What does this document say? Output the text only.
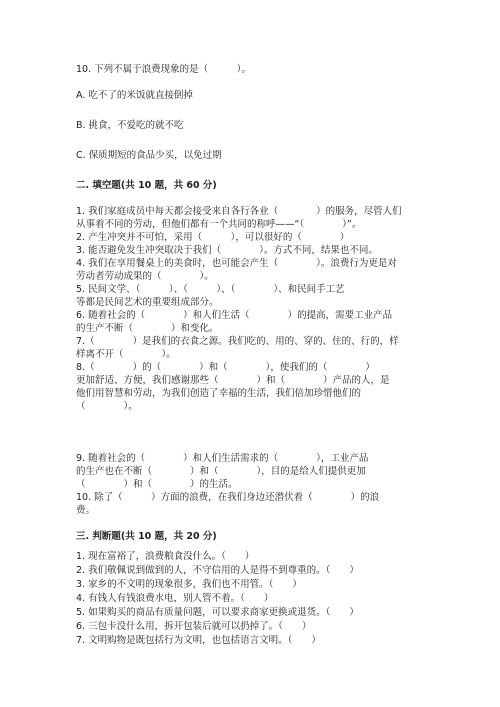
10. 下列不属于浪费现象的是（　　　）。
A. 吃不了的米饭就直接倒掉
B. 挑食，不爱吃的就不吃
C. 保质期短的食品少买，以免过期
二. 填空题(共 10 题，共 60 分)
1. 我们家庭成员中每天都会接受来自各行各业（　　　　）的服务，尽管人们
从事着不同的劳动，但他们都有一个共同的称呼——“（　　　　）”。
2. 产生冲突并不可怕，采用（　　　），可以很好的（　　　　）
3. 能否避免发生冲突取决于我们（　　　　）。方式不同，结果也不同。
4. 我们在享用餐桌上的美食时，也可能会产生（　　　　）。浪费行为更是对
劳动者劳动成果的（　　　　）。
5. 民间文学、（　　　）、（　　　）、（　　　　）、和民间手工艺
等都是民间艺术的重要组成部分。
6. 随着社会的（　　　　）和人们生活（　　　　）的提高，需要工业产品
的生产不断（　　　　）和变化。
7.（　　　　）是我们的衣食之源。我们吃的、用的、穿的、住的、行的，样
样离不开（　　　　）。
8.（　　　　）的（　　　　）和（　　　　），使我们的（　　　　）
更加舒适、方便，我们感谢那些（　　　　）和（　　　　）产品的人，是
他们用智慧和劳动，为我们创造了幸福的生活，我们倍加珍惜他们的
（　　　　）。
9. 随着社会的（　　　　）和人们生活需求的（　　　　），工业产品
的生产也在不断（　　　　）和（　　　　），目的是给人们提供更加
（　　　　）和（　　　　）的生活。
10. 除了（　　　）方面的浪费，在我们身边还潜伏着（　　　　）的浪
费。
三. 判断题(共 10 题，共 20 分)
1. 现在富裕了，浪费粮食没什么。（　　）
2. 我们敬佩说到做到的人，不守信用的人是得不到尊重的。（　　）
3. 家乡的不文明的现象很多，我们也不用管。（　　）
4. 有钱人有钱浪费水电，别人管不着。（　　）
5. 如果购买的商品有质量问题，可以要求商家更换或退货。（　　）
6. 三包卡没什么用，拆开包装后就可以扔掉了。（　　）
7. 文明购物是既包括行为文明，也包括语言文明。（　　）
